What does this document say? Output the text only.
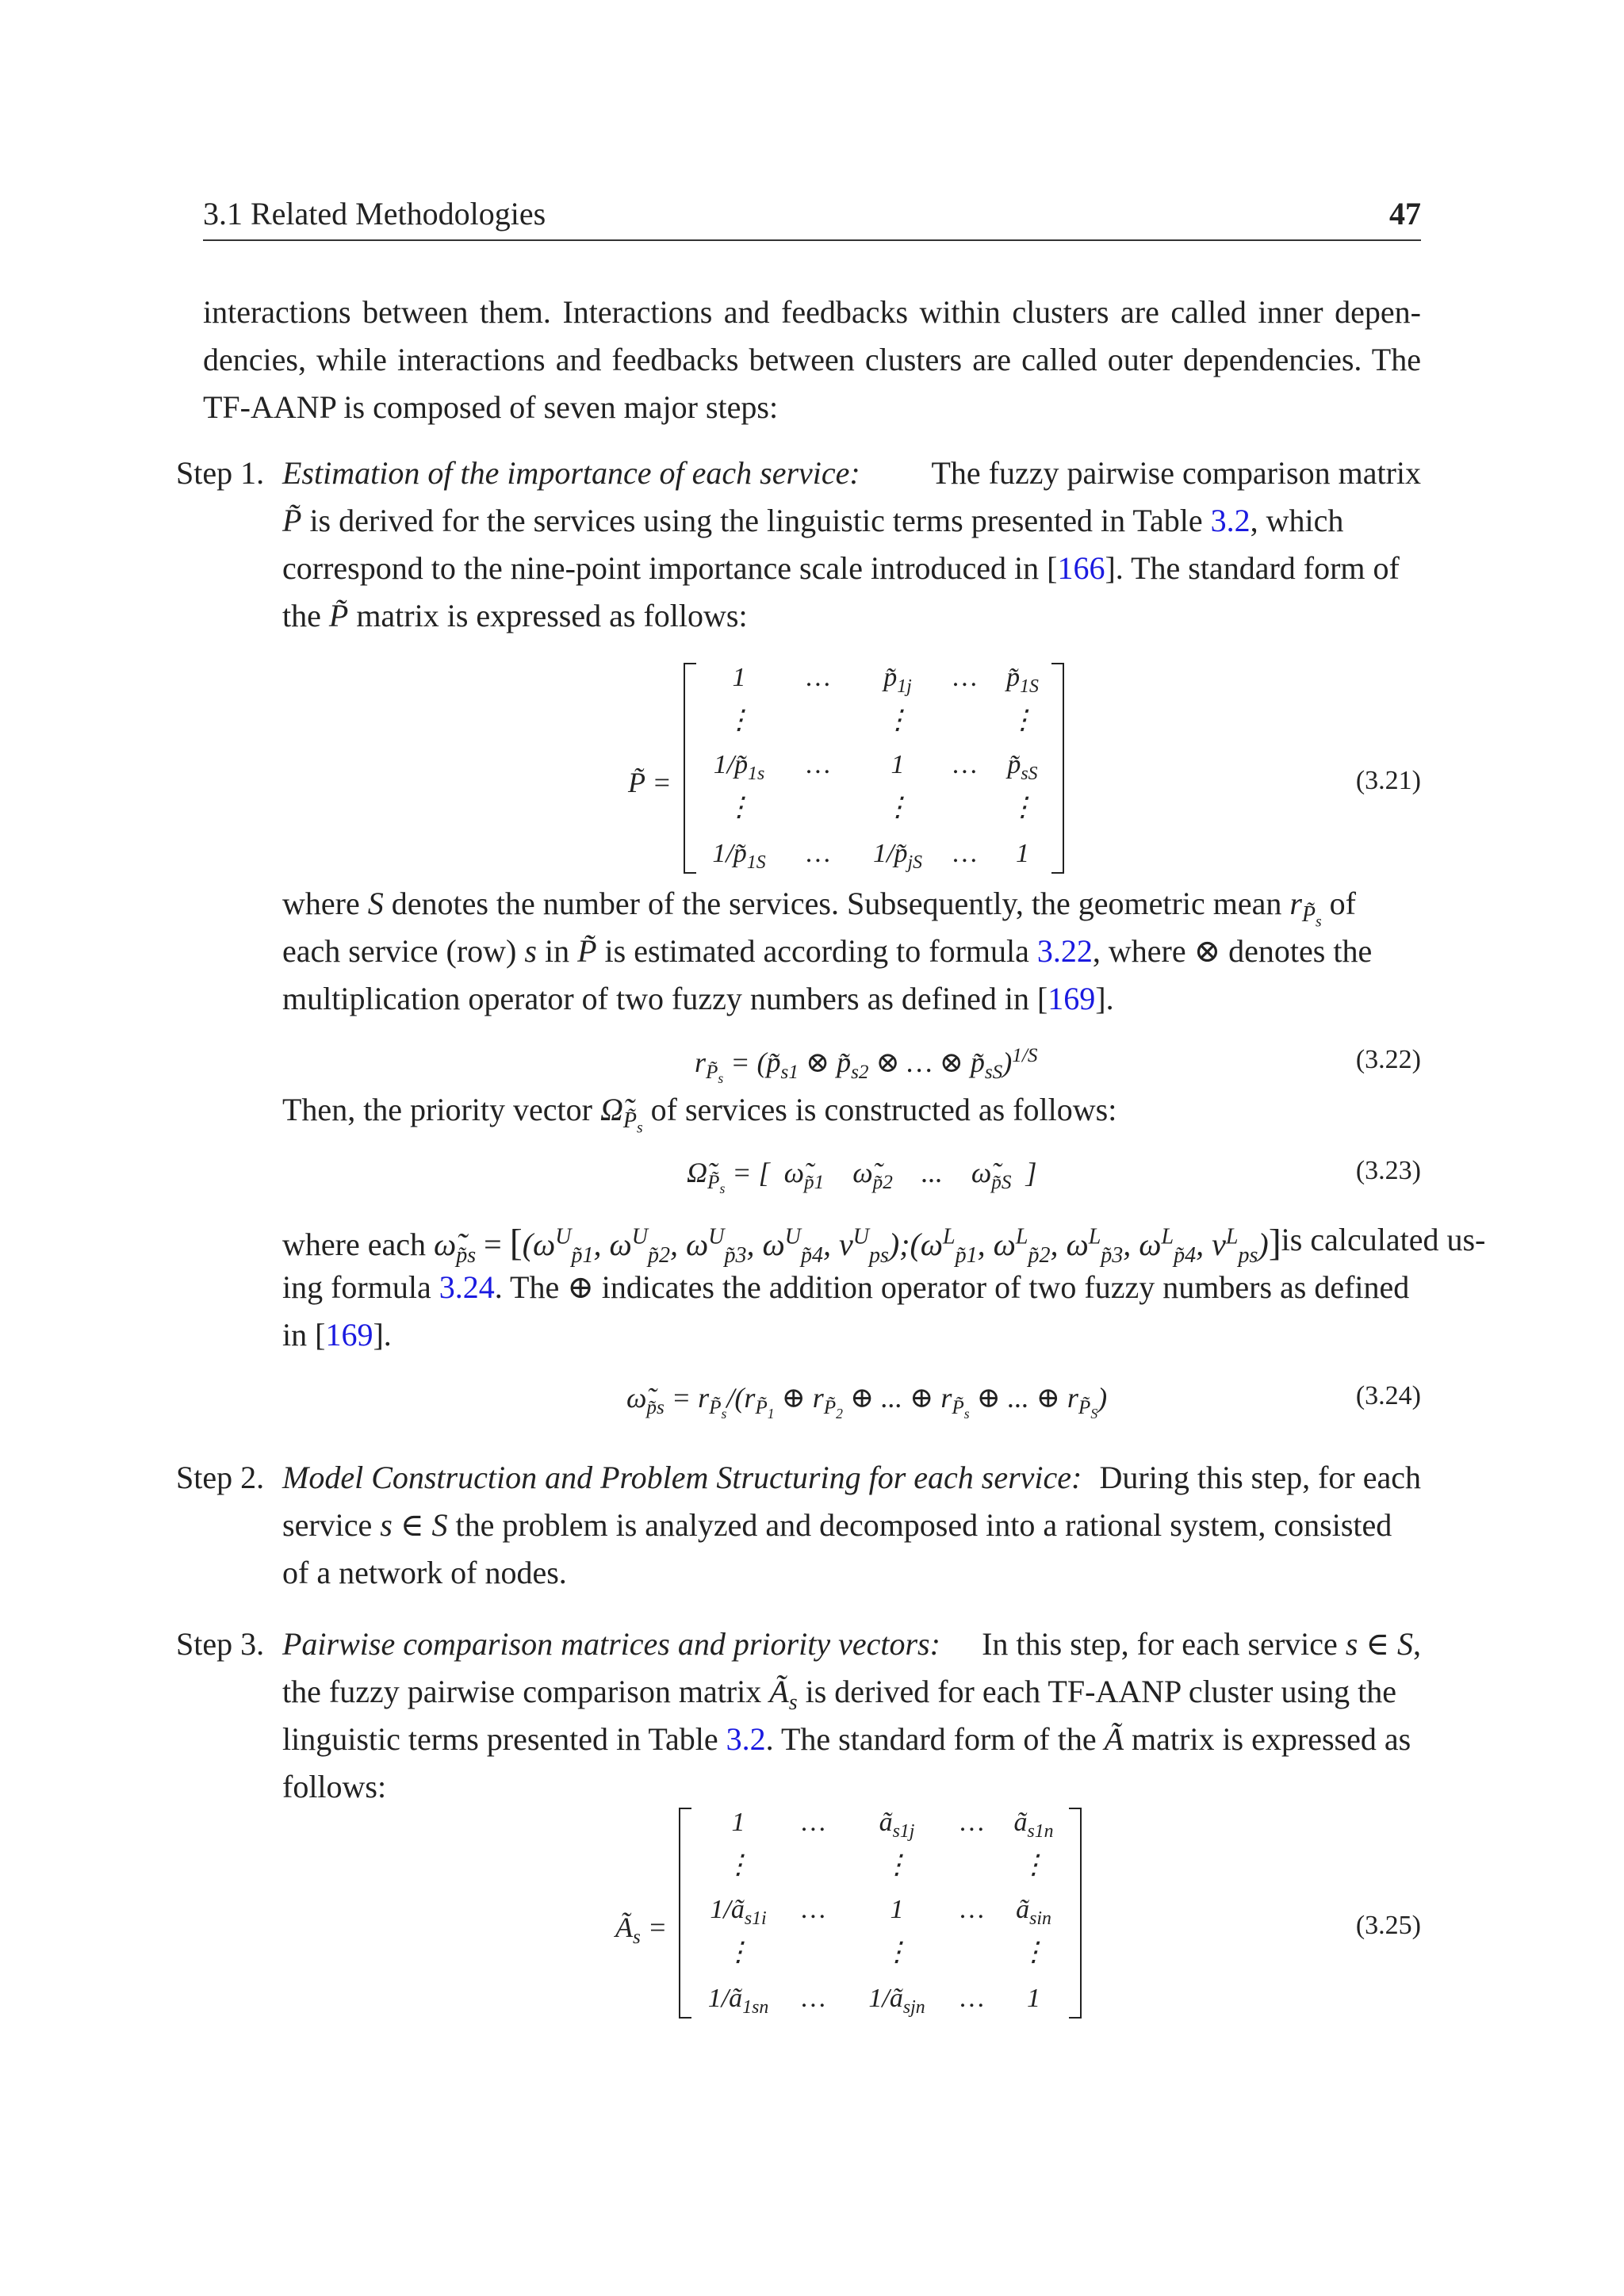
3.1 Related Methodologies	47
interactions between them. Interactions and feedbacks within clusters are called inner depen-
dencies, while interactions and feedbacks between clusters are called outer dependencies. The
TF-AANP is composed of seven major steps:
Step 1. Estimation of the importance of each service: The fuzzy pairwise comparison matrix
P̃ is derived for the services using the linguistic terms presented in Table 3.2, which
correspond to the nine-point importance scale introduced in [166]. The standard form of
the P̃ matrix is expressed as follows:
P̃ =
1	…	$p̃_{1j}$	…	$p̃_{1S}$
⋮	⋮	⋮
$1/p̃_{1s}$	…	1	…	$p̃_{sS}$
⋮	⋮	⋮
$1/p̃_{1S}$	…	$1/p̃_{jS}$	…	1
(3.21)
where S denotes the number of the services. Subsequently, the geometric mean $r_{P̃_s}$ of
each service (row) s in P̃ is estimated according to formula 3.22, where ⊗ denotes the
multiplication operator of two fuzzy numbers as defined in [169].
$r_{P̃_s}$ = ($p̃_{s1}$ ⊗ $p̃_{s2}$ ⊗ … ⊗ $p̃_{sS})^{1/S}$	(3.22)
Then, the priority vector $\Omegã_{P̃_s}$ of services is constructed as follows:
$\Omegã_{P̃_s}$ = [  $\omegã_{p̃1}$    $\omegã_{p̃2}$    ...    $\omegã_{p̃S}$  ]	(3.23)
where each $\omegã_{p̃s} = [(\omega^U_{p̃1}$, $\omega^U_{p̃2}$, $\omega^U_{p̃3}$, $\omega^U_{p̃4}$, $v^U_{ps});(\omega^L_{p̃1}$, $\omega^L_{p̃2}$, $\omega^L_{p̃3}$, $\omega^L_{p̃4}$, $v^L_{ps}$)] is calculated us-
ing formula 3.24. The ⊕ indicates the addition operator of two fuzzy numbers as defined
in [169].
$\omegã_{p̃s} = r_{P̃_s}/(r_{P̃_1}$ ⊕ $r_{P̃_2}$ ⊕ ... ⊕ $r_{P̃_s}$ ⊕ ... ⊕ $r_{P̃_S}$)	(3.24)
Step 2. Model Construction and Problem Structuring for each service: During this step, for each
service s ∈ S the problem is analyzed and decomposed into a rational system, consisted
of a network of nodes.
Step 3. Pairwise comparison matrices and priority vectors: In this step, for each service s ∈ S,
the fuzzy pairwise comparison matrix $Ã_s$ is derived for each TF-AANP cluster using the
linguistic terms presented in Table 3.2. The standard form of the Ã matrix is expressed as
follows:
$Ã_s$ =
1	…	$ã_{s1j}$	…	$ã_{s1n}$
⋮	⋮	⋮
$1/ã_{s1i}$	…	1	…	$ã_{sin}$
⋮	⋮	⋮
$1/ã_{1sn}$	…	$1/ã_{sjn}$	…	1
(3.25)
